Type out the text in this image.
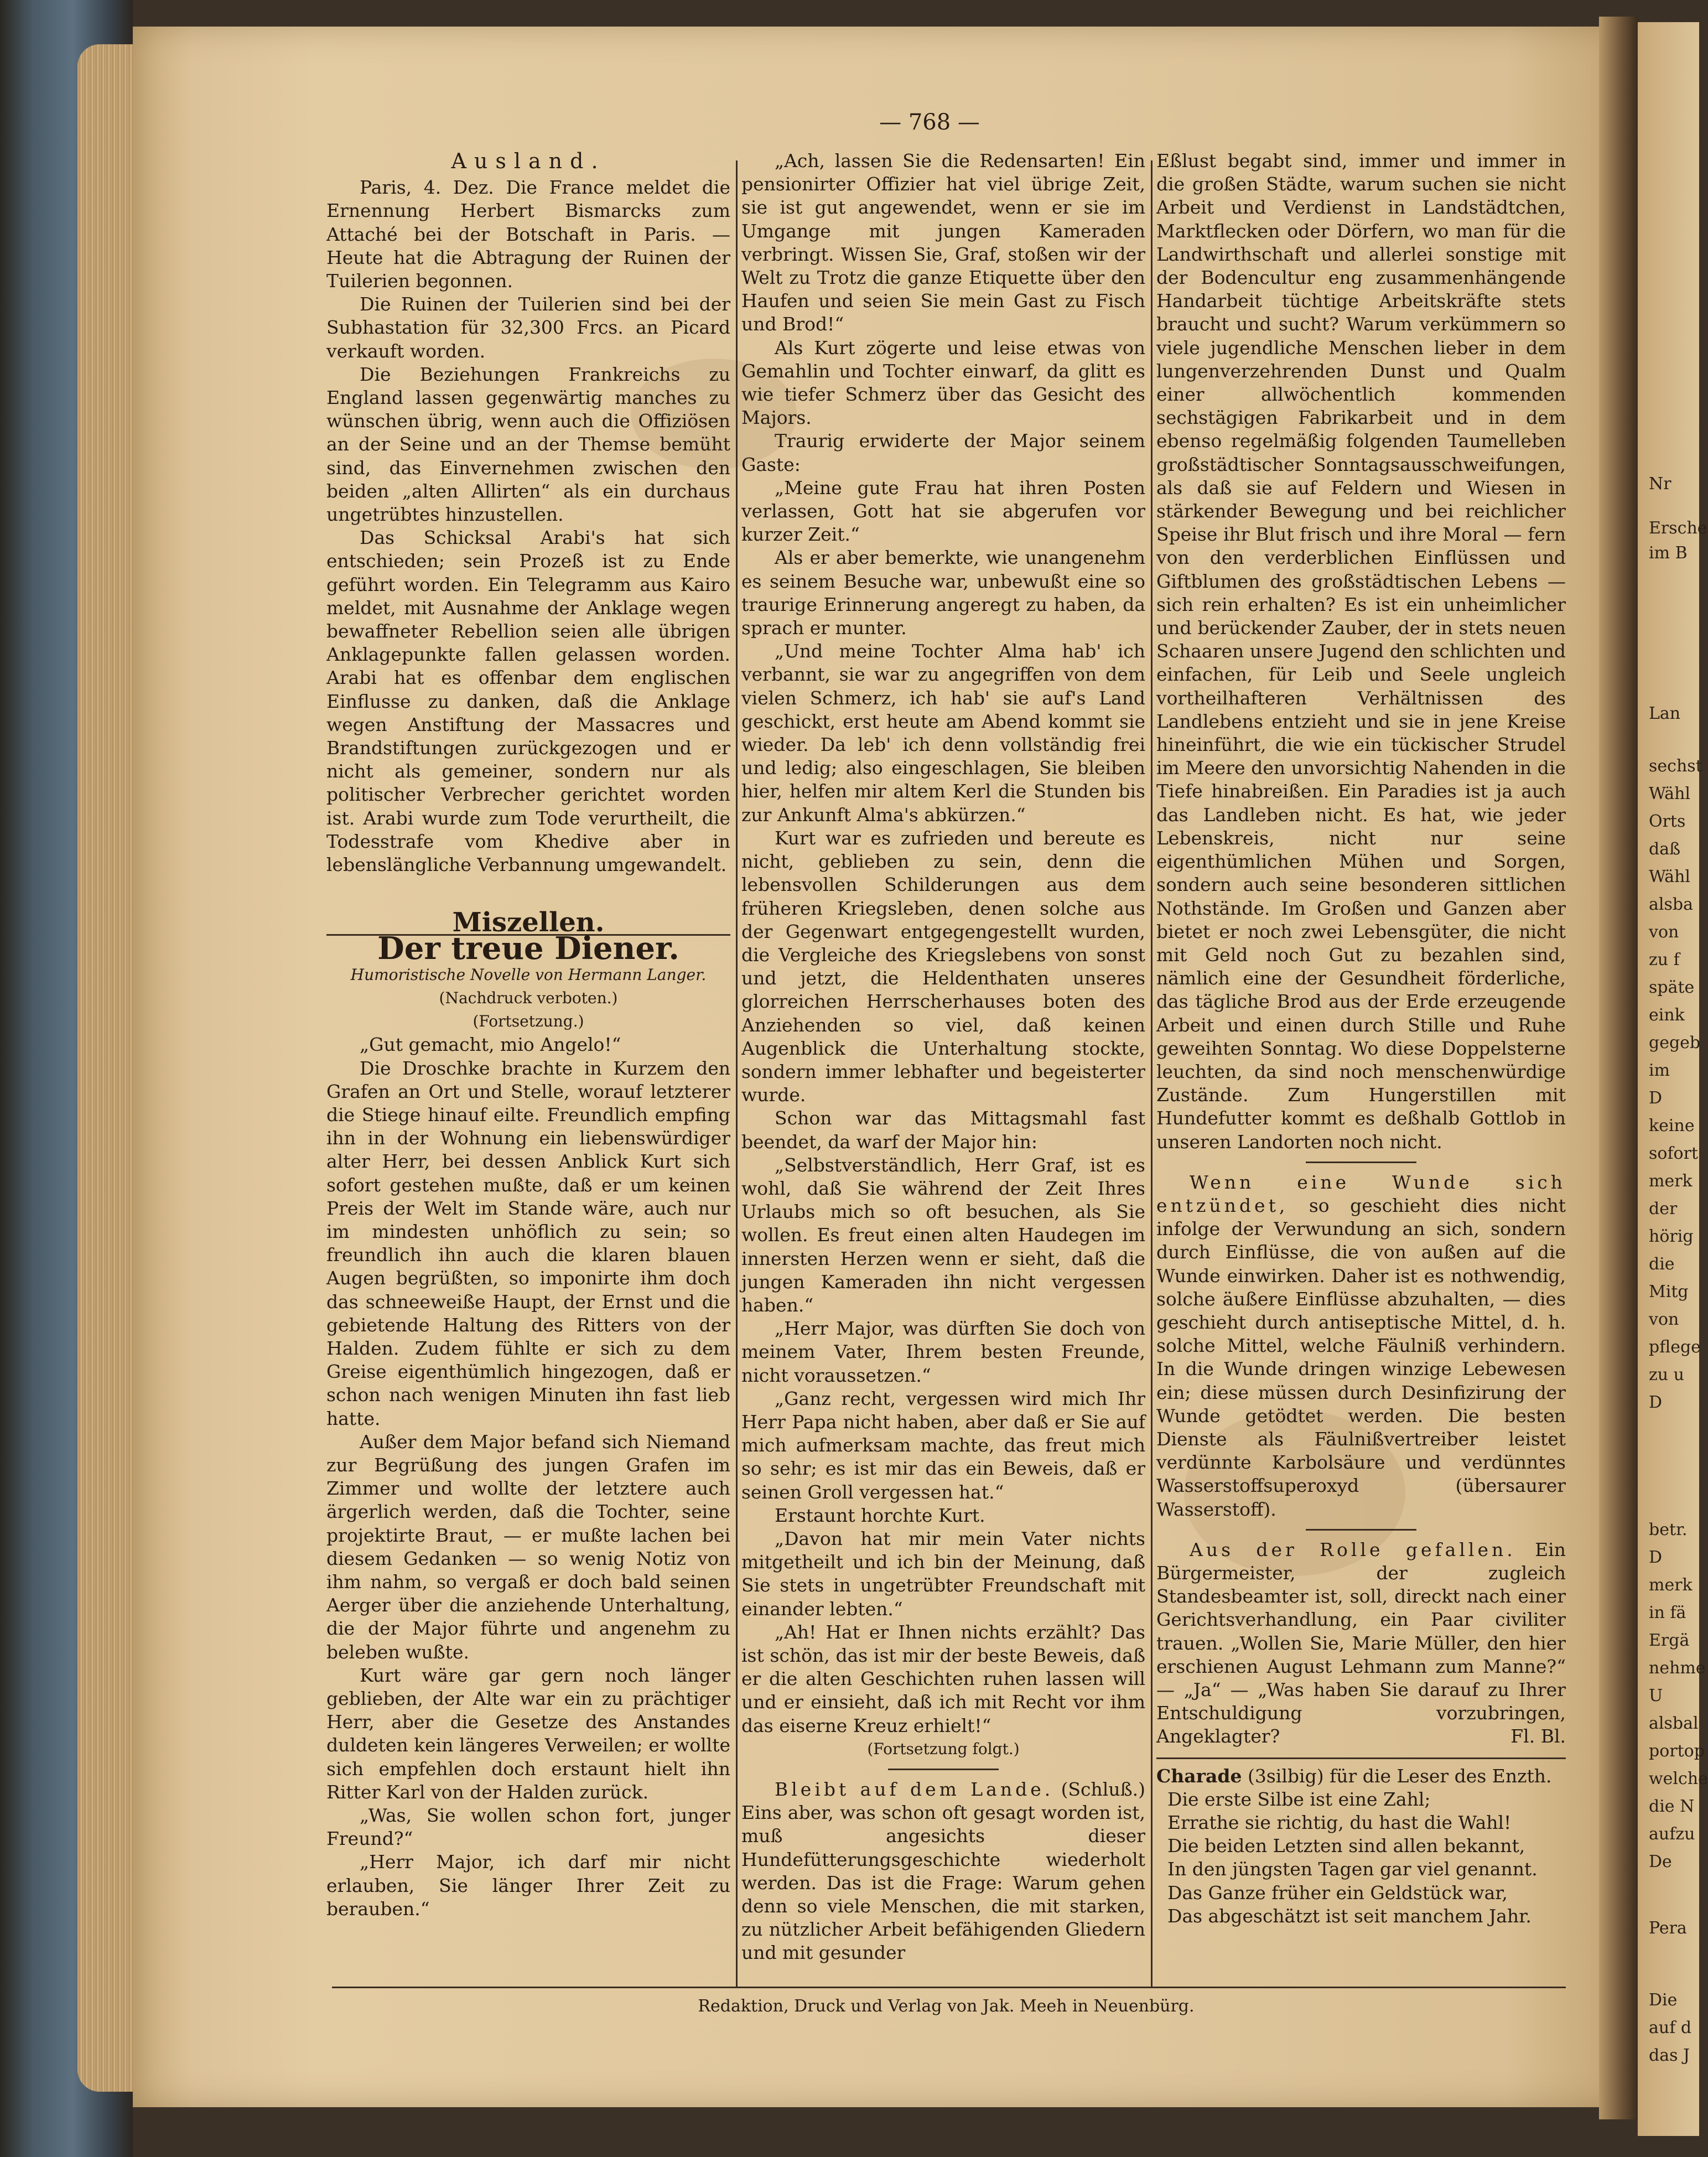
Nr
Ersche
im B
Lan
sechst
Wähl
Orts
daß
Wähl
alsba
von
zu f
späte
eink
gegeb
im
D
keine
sofort
merk
der
hörig
die
Mitg
von
pflege
zu u
D
betr.
D
merk
in fä
Ergä
nehme
U
alsbal
portop
welche
die N
aufzu
De
Pera
Die
auf d
das J
— 768 —
Ausland.

Paris, 4. Dez. Die France meldet die Ernennung Herbert Bismarcks zum Attaché bei der Botschaft in Paris. — Heute hat die Abtragung der Ruinen der Tuilerien begonnen.

Die Ruinen der Tuilerien sind bei der Subhastation für 32,300 Frcs. an Picard verkauft worden.

Die Beziehungen Frankreichs zu England lassen gegenwärtig manches zu wünschen übrig, wenn auch die Offiziösen an der Seine und an der Themse bemüht sind, das Einvernehmen zwischen den beiden „alten Allirten“ als ein durchaus ungetrübtes hinzustellen.

Das Schicksal Arabi's hat sich entschieden; sein Prozeß ist zu Ende geführt worden. Ein Telegramm aus Kairo meldet, mit Ausnahme der Anklage wegen bewaffneter Rebellion seien alle übrigen Anklagepunkte fallen gelassen worden. Arabi hat es offenbar dem englischen Einflusse zu danken, daß die Anklage wegen Anstiftung der Massacres und Brandstiftungen zurückgezogen und er nicht als gemeiner, sondern nur als politischer Verbrecher gerichtet worden ist. Arabi wurde zum Tode verurtheilt, die Todesstrafe vom Khedive aber in lebenslängliche Verbannung umgewandelt.

Miszellen.
Der treue Diener.
Humoristische Novelle von Hermann Langer.
(Nachdruck verboten.)
(Fortsetzung.)

„Gut gemacht, mio Angelo!“

Die Droschke brachte in Kurzem den Grafen an Ort und Stelle, worauf letzterer die Stiege hinauf eilte. Freundlich empfing ihn in der Wohnung ein liebenswürdiger alter Herr, bei dessen Anblick Kurt sich sofort gestehen mußte, daß er um keinen Preis der Welt im Stande wäre, auch nur im mindesten unhöflich zu sein; so freundlich ihn auch die klaren blauen Augen begrüßten, so imponirte ihm doch das schneeweiße Haupt, der Ernst und die gebietende Haltung des Ritters von der Halden. Zudem fühlte er sich zu dem Greise eigenthümlich hingezogen, daß er schon nach wenigen Minuten ihn fast lieb hatte.

Außer dem Major befand sich Niemand zur Begrüßung des jungen Grafen im Zimmer und wollte der letztere auch ärgerlich werden, daß die Tochter, seine projektirte Braut, — er mußte lachen bei diesem Gedanken — so wenig Notiz von ihm nahm, so vergaß er doch bald seinen Aerger über die anziehende Unterhaltung, die der Major führte und angenehm zu beleben wußte.

Kurt wäre gar gern noch länger geblieben, der Alte war ein zu prächtiger Herr, aber die Gesetze des Anstandes duldeten kein längeres Verweilen; er wollte sich empfehlen doch erstaunt hielt ihn Ritter Karl von der Halden zurück.

„Was, Sie wollen schon fort, junger Freund?“

„Herr Major, ich darf mir nicht erlauben, Sie länger Ihrer Zeit zu berauben.“

„Ach, lassen Sie die Redensarten! Ein pensionirter Offizier hat viel übrige Zeit, sie ist gut angewendet, wenn er sie im Umgange mit jungen Kameraden verbringt. Wissen Sie, Graf, stoßen wir der Welt zu Trotz die ganze Etiquette über den Haufen und seien Sie mein Gast zu Fisch und Brod!“

Als Kurt zögerte und leise etwas von Gemahlin und Tochter einwarf, da glitt es wie tiefer Schmerz über das Gesicht des Majors.

Traurig erwiderte der Major seinem Gaste:

„Meine gute Frau hat ihren Posten verlassen, Gott hat sie abgerufen vor kurzer Zeit.“

Als er aber bemerkte, wie unangenehm es seinem Besuche war, unbewußt eine so traurige Erinnerung angeregt zu haben, da sprach er munter.

„Und meine Tochter Alma hab' ich verbannt, sie war zu angegriffen von dem vielen Schmerz, ich hab' sie auf's Land geschickt, erst heute am Abend kommt sie wieder. Da leb' ich denn vollständig frei und ledig; also eingeschlagen, Sie bleiben hier, helfen mir altem Kerl die Stunden bis zur Ankunft Alma's abkürzen.“

Kurt war es zufrieden und bereute es nicht, geblieben zu sein, denn die lebensvollen Schilderungen aus dem früheren Kriegsleben, denen solche aus der Gegenwart entgegengestellt wurden, die Vergleiche des Kriegslebens von sonst und jetzt, die Heldenthaten unseres glorreichen Herrscherhauses boten des Anziehenden so viel, daß keinen Augenblick die Unterhaltung stockte, sondern immer lebhafter und begeisterter wurde.

Schon war das Mittagsmahl fast beendet, da warf der Major hin:

„Selbstverständlich, Herr Graf, ist es wohl, daß Sie während der Zeit Ihres Urlaubs mich so oft besuchen, als Sie wollen. Es freut einen alten Haudegen im innersten Herzen wenn er sieht, daß die jungen Kameraden ihn nicht vergessen haben.“

„Herr Major, was dürften Sie doch von meinem Vater, Ihrem besten Freunde, nicht voraussetzen.“

„Ganz recht, vergessen wird mich Ihr Herr Papa nicht haben, aber daß er Sie auf mich aufmerksam machte, das freut mich so sehr; es ist mir das ein Beweis, daß er seinen Groll vergessen hat.“

Erstaunt horchte Kurt.

„Davon hat mir mein Vater nichts mitgetheilt und ich bin der Meinung, daß Sie stets in ungetrübter Freundschaft mit einander lebten.“

„Ah! Hat er Ihnen nichts erzählt? Das ist schön, das ist mir der beste Beweis, daß er die alten Geschichten ruhen lassen will und er einsieht, daß ich mit Recht vor ihm das eiserne Kreuz erhielt!“

(Fortsetzung folgt.)

Bleibt auf dem Lande. (Schluß.) Eins aber, was schon oft gesagt worden ist, muß angesichts dieser Hundefütterungsgeschichte wiederholt werden. Das ist die Frage: Warum gehen denn so viele Menschen, die mit starken, zu nützlicher Arbeit befähigenden Gliedern und mit gesunder

Eßlust begabt sind, immer und immer in die großen Städte, warum suchen sie nicht Arbeit und Verdienst in Landstädtchen, Marktflecken oder Dörfern, wo man für die Landwirthschaft und allerlei sonstige mit der Bodencultur eng zusammenhängende Handarbeit tüchtige Arbeitskräfte stets braucht und sucht? Warum verkümmern so viele jugendliche Menschen lieber in dem lungenverzehrenden Dunst und Qualm einer allwöchentlich kommenden sechstägigen Fabrikarbeit und in dem ebenso regelmäßig folgenden Taumelleben großstädtischer Sonntagsausschweifungen, als daß sie auf Feldern und Wiesen in stärkender Bewegung und bei reichlicher Speise ihr Blut frisch und ihre Moral — fern von den verderblichen Einflüssen und Giftblumen des großstädtischen Lebens — sich rein erhalten? Es ist ein unheimlicher und berückender Zauber, der in stets neuen Schaaren unsere Jugend den schlichten und einfachen, für Leib und Seele ungleich vortheilhafteren Verhältnissen des Landlebens entzieht und sie in jene Kreise hineinführt, die wie ein tückischer Strudel im Meere den unvorsichtig Nahenden in die Tiefe hinabreißen. Ein Paradies ist ja auch das Landleben nicht. Es hat, wie jeder Lebenskreis, nicht nur seine eigenthümlichen Mühen und Sorgen, sondern auch seine besonderen sittlichen Nothstände. Im Großen und Ganzen aber bietet er noch zwei Lebensgüter, die nicht mit Geld noch Gut zu bezahlen sind, nämlich eine der Gesundheit förderliche, das tägliche Brod aus der Erde erzeugende Arbeit und einen durch Stille und Ruhe geweihten Sonntag. Wo diese Doppelsterne leuchten, da sind noch menschenwürdige Zustände. Zum Hungerstillen mit Hundefutter kommt es deßhalb Gottlob in unseren Landorten noch nicht.

Wenn eine Wunde sich entzündet, so geschieht dies nicht infolge der Verwundung an sich, sondern durch Einflüsse, die von außen auf die Wunde einwirken. Daher ist es nothwendig, solche äußere Einflüsse abzuhalten, — dies geschieht durch antiseptische Mittel, d. h. solche Mittel, welche Fäulniß verhindern. In die Wunde dringen winzige Lebewesen ein; diese müssen durch Desinfizirung der Wunde getödtet werden. Die besten Dienste als Fäulnißvertreiber leistet verdünnte Karbolsäure und verdünntes Wasserstoffsuperoxyd (übersaurer Wasserstoff).

Aus der Rolle gefallen. Ein Bürgermeister, der zugleich Standesbeamter ist, soll, direckt nach einer Gerichtsverhandlung, ein Paar civiliter trauen. „Wollen Sie, Marie Müller, den hier erschienen August Lehmann zum Manne?“ — „Ja“ — „Was haben Sie darauf zu Ihrer Entschuldigung vorzubringen, Angeklagter?	Fl. Bl.

Charade (3silbig) für die Leser des Enzth.

Die erste Silbe ist eine Zahl;

Errathe sie richtig, du hast die Wahl!

Die beiden Letzten sind allen bekannt,

In den jüngsten Tagen gar viel genannt.

Das Ganze früher ein Geldstück war,

Das abgeschätzt ist seit manchem Jahr.

Redaktion, Druck und Verlag von Jak. Meeh in Neuenbürg.
